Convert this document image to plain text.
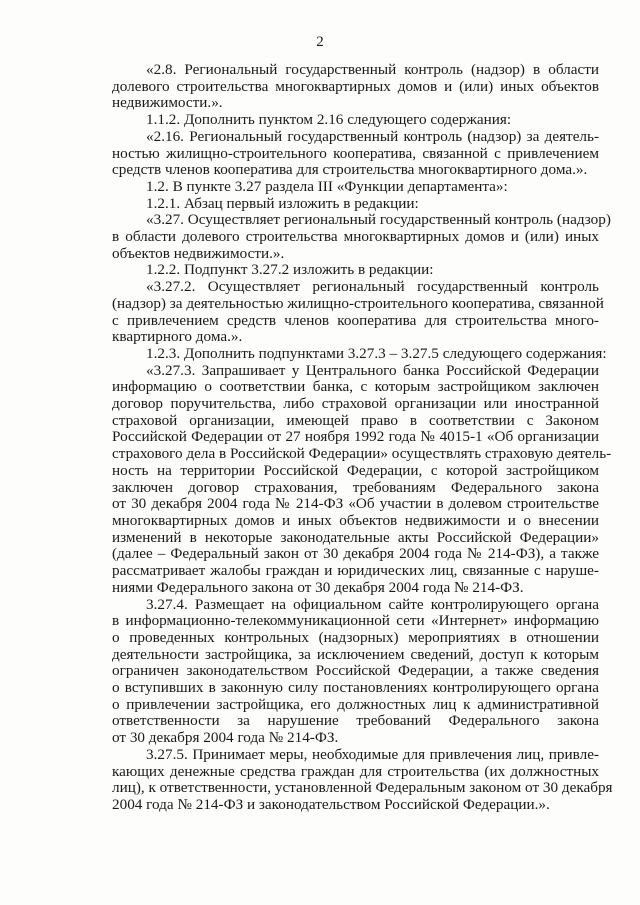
2
«2.8. Региональный государственный контроль (надзор) в области
долевого строительства многоквартирных домов и (или) иных объектов
недвижимости.».
1.1.2. Дополнить пунктом 2.16 следующего содержания:
«2.16. Региональный государственный контроль (надзор) за деятель-
ностью жилищно-строительного кооператива, связанной с привлечением
средств членов кооператива для строительства многоквартирного дома.».
1.2. В пункте 3.27 раздела III «Функции департамента»:
1.2.1. Абзац первый изложить в редакции:
«3.27. Осуществляет региональный государственный контроль (надзор)
в области долевого строительства многоквартирных домов и (или) иных
объектов недвижимости.».
1.2.2. Подпункт 3.27.2 изложить в редакции:
«3.27.2. Осуществляет региональный государственный контроль
(надзор) за деятельностью жилищно-строительного кооператива, связанной
с привлечением средств членов кооператива для строительства много-
квартирного дома.».
1.2.3. Дополнить подпунктами 3.27.3 – 3.27.5 следующего содержания:
«3.27.3. Запрашивает у Центрального банка Российской Федерации
информацию о соответствии банка, с которым застройщиком заключен
договор поручительства, либо страховой организации или иностранной
страховой организации, имеющей право в соответствии с Законом
Российской Федерации от 27 ноября 1992 года № 4015-1 «Об организации
страхового дела в Российской Федерации» осуществлять страховую деятель-
ность на территории Российской Федерации, с которой застройщиком
заключен договор страхования, требованиям Федерального закона
от 30 декабря 2004 года № 214-ФЗ «Об участии в долевом строительстве
многоквартирных домов и иных объектов недвижимости и о внесении
изменений в некоторые законодательные акты Российской Федерации»
(далее – Федеральный закон от 30 декабря 2004 года № 214-ФЗ), а также
рассматривает жалобы граждан и юридических лиц, связанные с наруше-
ниями Федерального закона от 30 декабря 2004 года № 214-ФЗ.
3.27.4. Размещает на официальном сайте контролирующего органа
в информационно-телекоммуникационной сети «Интернет» информацию
о проведенных контрольных (надзорных) мероприятиях в отношении
деятельности застройщика, за исключением сведений, доступ к которым
ограничен законодательством Российской Федерации, а также сведения
о вступивших в законную силу постановлениях контролирующего органа
о привлечении застройщика, его должностных лиц к административной
ответственности за нарушение требований Федерального закона
от 30 декабря 2004 года № 214-ФЗ.
3.27.5. Принимает меры, необходимые для привлечения лиц, привле-
кающих денежные средства граждан для строительства (их должностных
лиц), к ответственности, установленной Федеральным законом от 30 декабря
2004 года № 214-ФЗ и законодательством Российской Федерации.».
